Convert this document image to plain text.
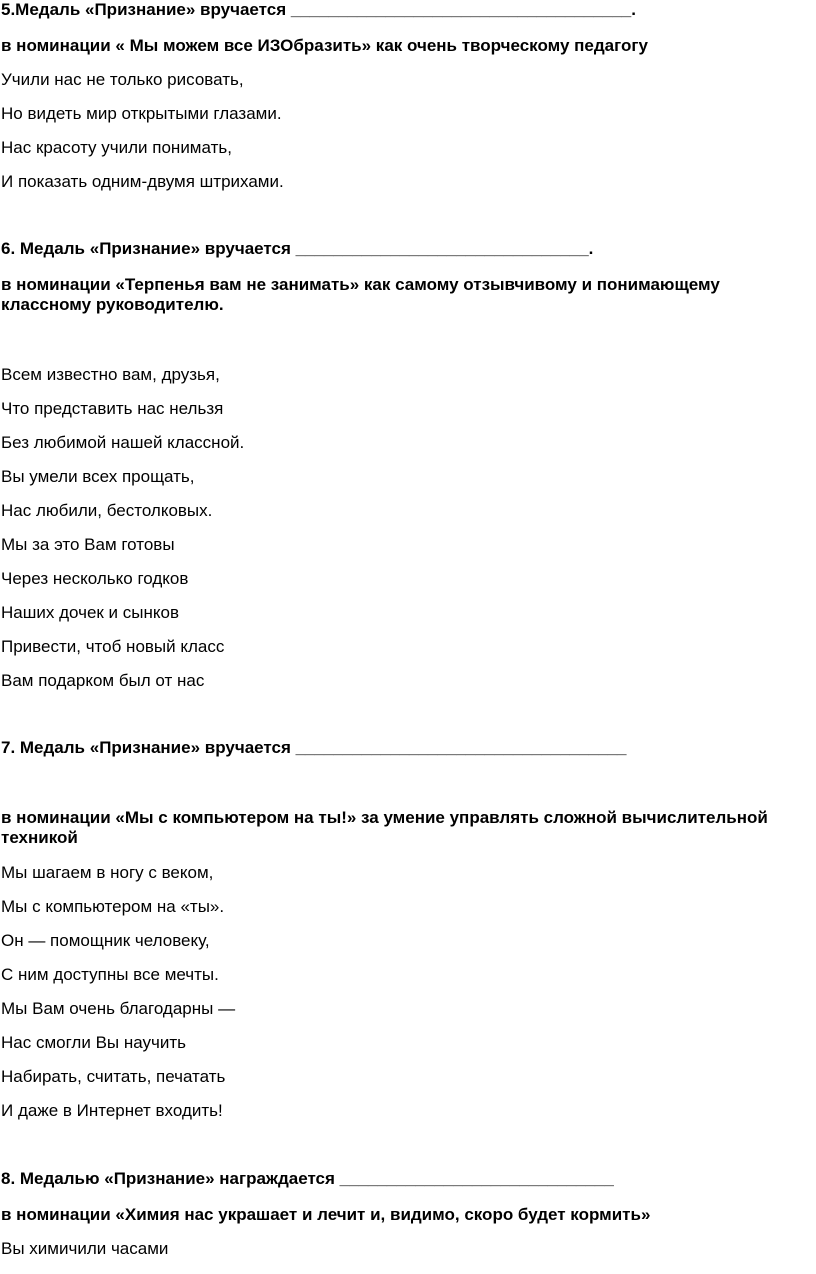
5.Медаль «Признание» вручается ____________________________________.
в номинации « Мы можем все ИЗОбразить» как очень творческому педагогу
Учили нас не только рисовать,
Но видеть мир открытыми глазами.
Нас красоту учили понимать,
И показать одним-двумя штрихами.
6. Медаль «Признание» вручается _______________________________.
в номинации «Терпенья вам не занимать» как самому отзывчивому и понимающему классному руководителю.
Всем известно вам, друзья,
Что представить нас нельзя
Без любимой нашей классной.
Вы умели всех прощать,
Нас любили, бестолковых.
Мы за это Вам готовы
Через несколько годков
Наших дочек и сынков
Привести, чтоб новый класс
Вам подарком был от нас
7. Медаль «Признание» вручается ___________________________________
в номинации «Мы с компьютером на ты!» за умение управлять сложной вычислительной техникой
Мы шагаем в ногу с веком,
Мы с компьютером на «ты».
Он — помощник человеку,
С ним доступны все мечты.
Мы Вам очень благодарны —
Нас смогли Вы научить
Набирать, считать, печатать
И даже в Интернет входить!
8. Медалью «Признание» награждается _____________________________
в номинации «Химия нас украшает и лечит и, видимо, скоро будет кормить»
Вы химичили часами
